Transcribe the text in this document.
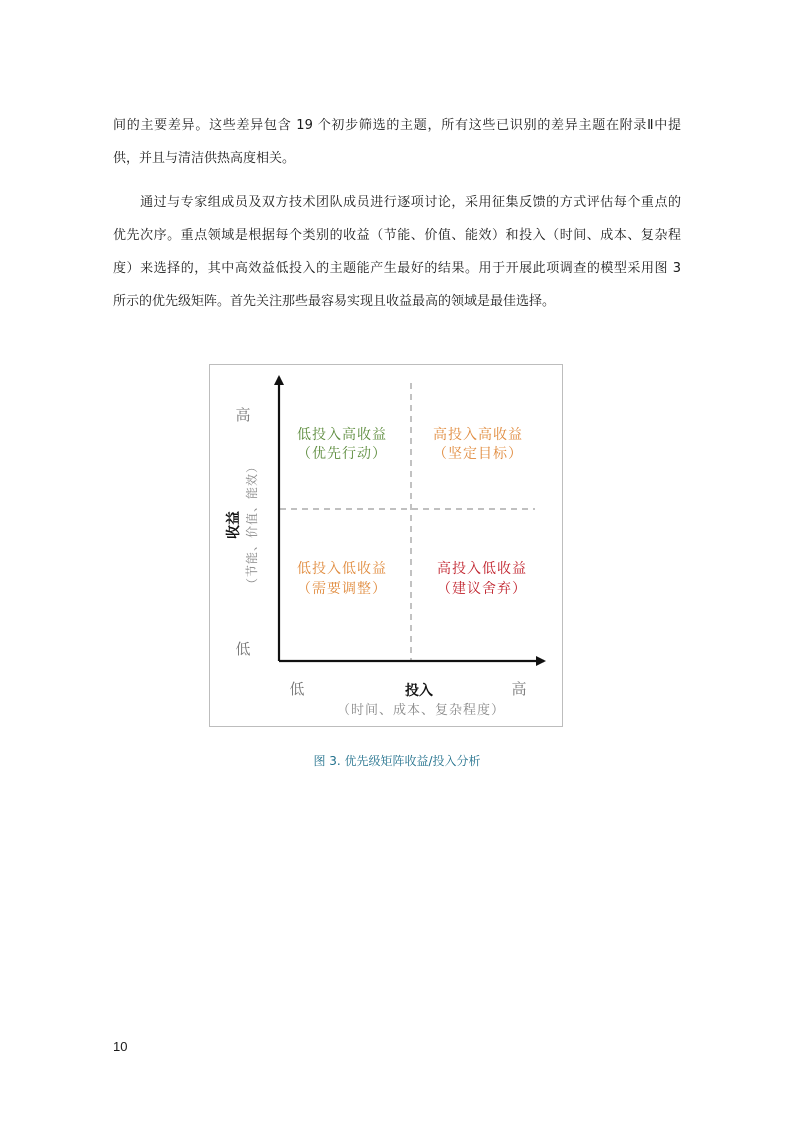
间的主要差异。这些差异包含 19 个初步筛选的主题，所有这些已识别的差异主题在附录Ⅱ中提
供，并且与清洁供热高度相关。
　　通过与专家组成员及双方技术团队成员进行逐项讨论，采用征集反馈的方式评估每个重点的
优先次序。重点领域是根据每个类别的收益（节能、价值、能效）和投入（时间、成本、复杂程
度）来选择的，其中高效益低投入的主题能产生最好的结果。用于开展此项调查的模型采用图 3
所示的优先级矩阵。首先关注那些最容易实现且收益最高的领域是最佳选择。
高
低
收益 （节能、价值、能效）
低	高
投入
（时间、成本、复杂程度）
低投入高收益
（优先行动）
高投入高收益
（坚定目标）
低投入低收益
（需要调整）
高投入低收益
（建议舍弃）
图 3. 优先级矩阵收益/投入分析
10
